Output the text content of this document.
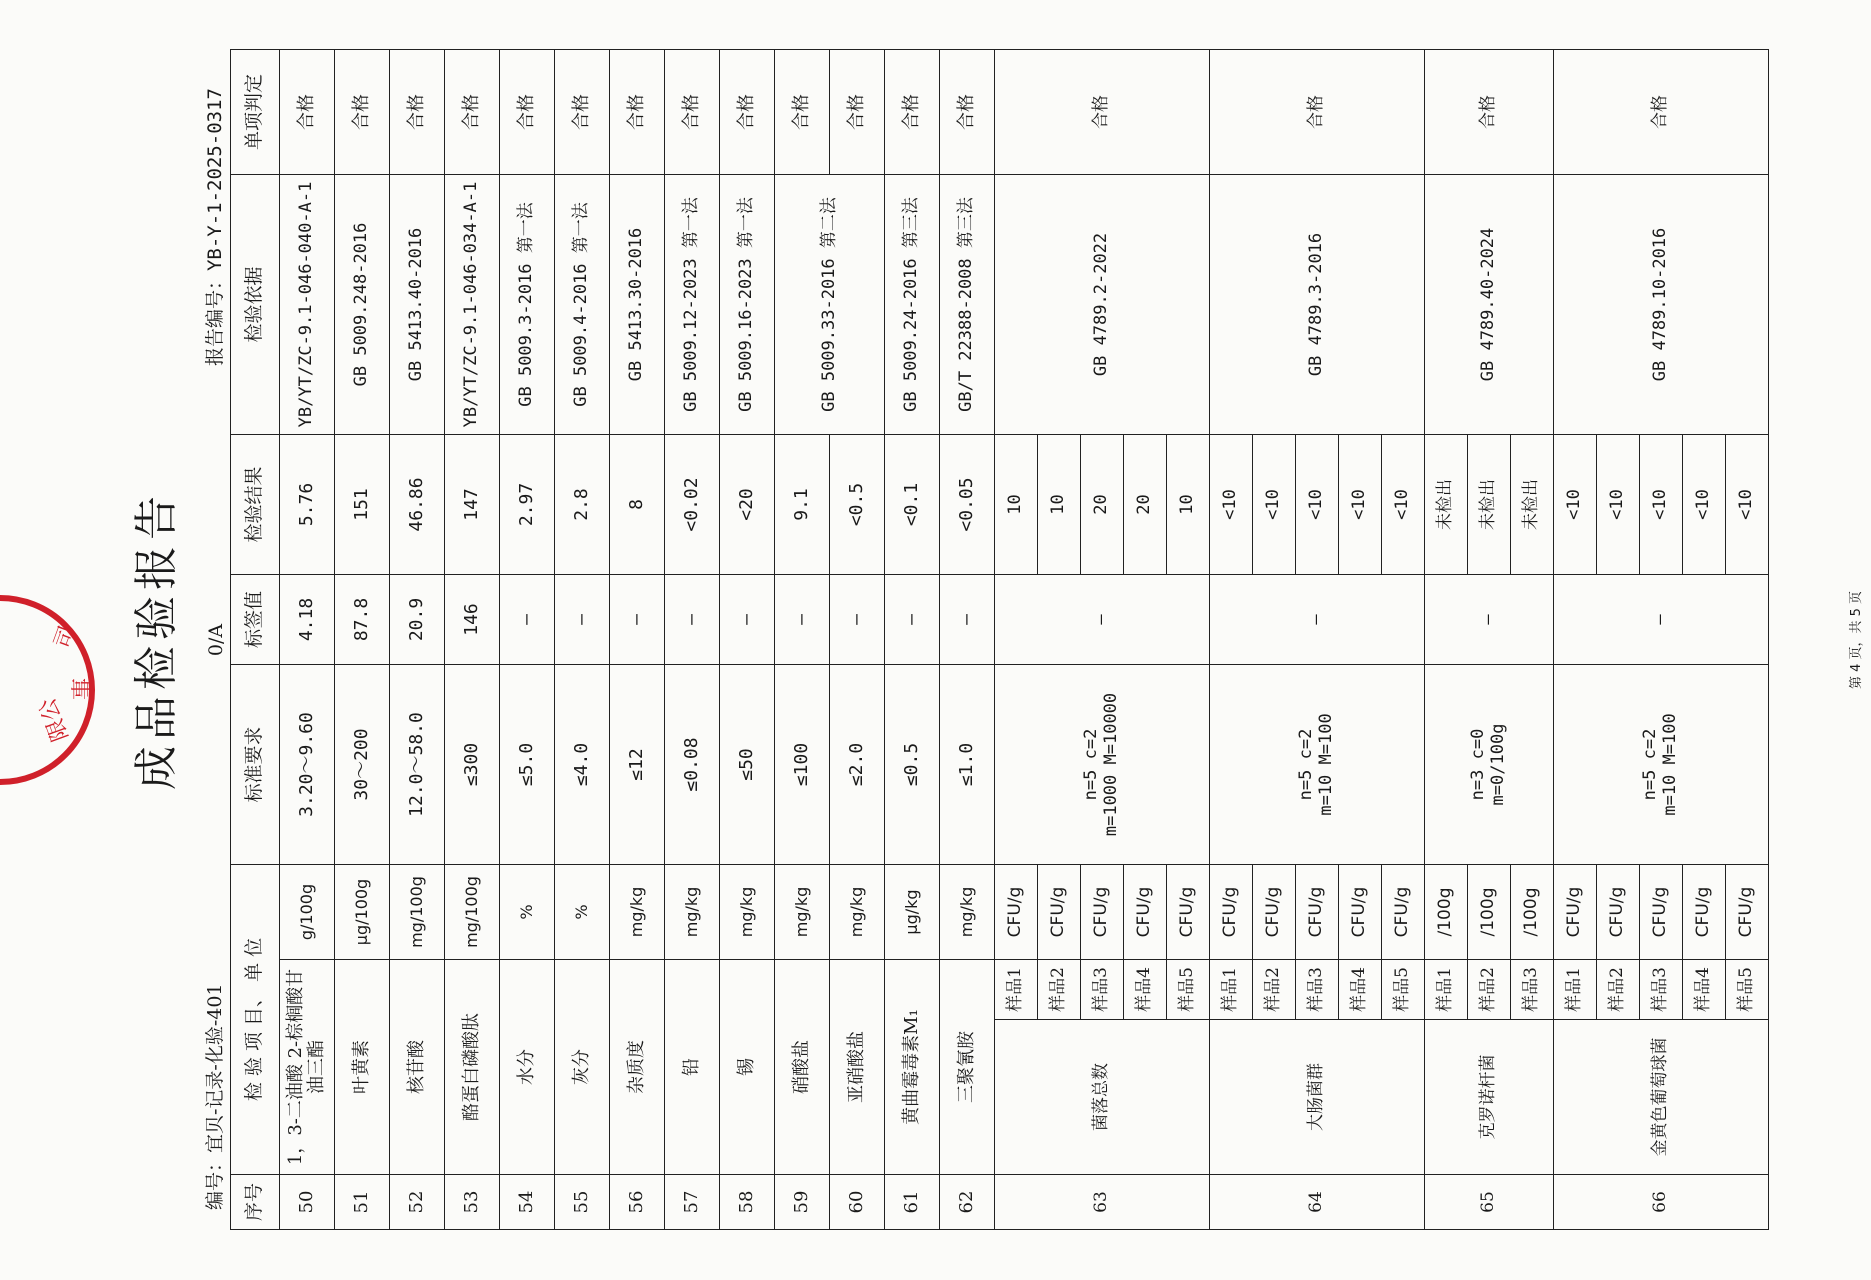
限公
司
事 成品检验报告
编号：宜贝-记录-化验-401
0/A
报告编号：YB-Y-1-2025-0317
序号	检 验 项 目、 单 位			标准要求	标签值	检验结果	检验依据	单项判定
50	1，3-二油酸 2-棕榈酸甘油三酯		g/100g	3.20～9.60	4.18	5.76	YB/YT/ZC-9.1-046-040-A-1	合格
51	叶黄素		μg/100g	30～200	87.8	151	GB 5009.248-2016	合格
52	核苷酸		mg/100g	12.0～58.0	20.9	46.86	GB 5413.40-2016	合格
53	酪蛋白磷酸肽		mg/100g	≤300	146	147	YB/YT/ZC-9.1-046-034-A-1	合格
54	水分		%	≤5.0	—	2.97	GB 5009.3-2016 第一法	合格
55	灰分		%	≤4.0	—	2.8	GB 5009.4-2016 第一法	合格
56	杂质度		mg/kg	≤12	—	8	GB 5413.30-2016	合格
57	铅		mg/kg	≤0.08	—	<0.02	GB 5009.12-2023 第一法	合格
58	锡		mg/kg	≤50	—	<20	GB 5009.16-2023 第一法	合格
59	硝酸盐		mg/kg	≤100	—	9.1	GB 5009.33-2016 第二法	合格
60	亚硝酸盐		mg/kg	≤2.0	—	<0.5		合格
61	黄曲霉毒素M₁		μg/kg	≤0.5	—	<0.1	GB 5009.24-2016 第三法	合格
62	三聚氰胺		mg/kg	≤1.0	—	<0.05	GB/T 22388-2008 第三法	合格
63	菌落总数	样品1	CFU/g	n=5 c=2
m=1000 M=10000	—	10	GB 4789.2-2022	合格
		样品2	CFU/g			10		
		样品3	CFU/g			20		
		样品4	CFU/g			20		
		样品5	CFU/g			10		
64	大肠菌群	样品1	CFU/g	n=5 c=2
m=10 M=100	—	<10	GB 4789.3-2016	合格
		样品2	CFU/g			<10		
		样品3	CFU/g			<10		
		样品4	CFU/g			<10		
		样品5	CFU/g			<10		
65	克罗诺杆菌	样品1	/100g	n=3 c=0
m=0/100g	—	未检出	GB 4789.40-2024	合格
		样品2	/100g			未检出		
		样品3	/100g			未检出		
66	金黄色葡萄球菌	样品1	CFU/g	n=5 c=2
m=10 M=100	—	<10	GB 4789.10-2016	合格
		样品2	CFU/g			<10		
		样品3	CFU/g			<10		
		样品4	CFU/g			<10		
		样品5	CFU/g			<10		
第 4 页，共 5 页
